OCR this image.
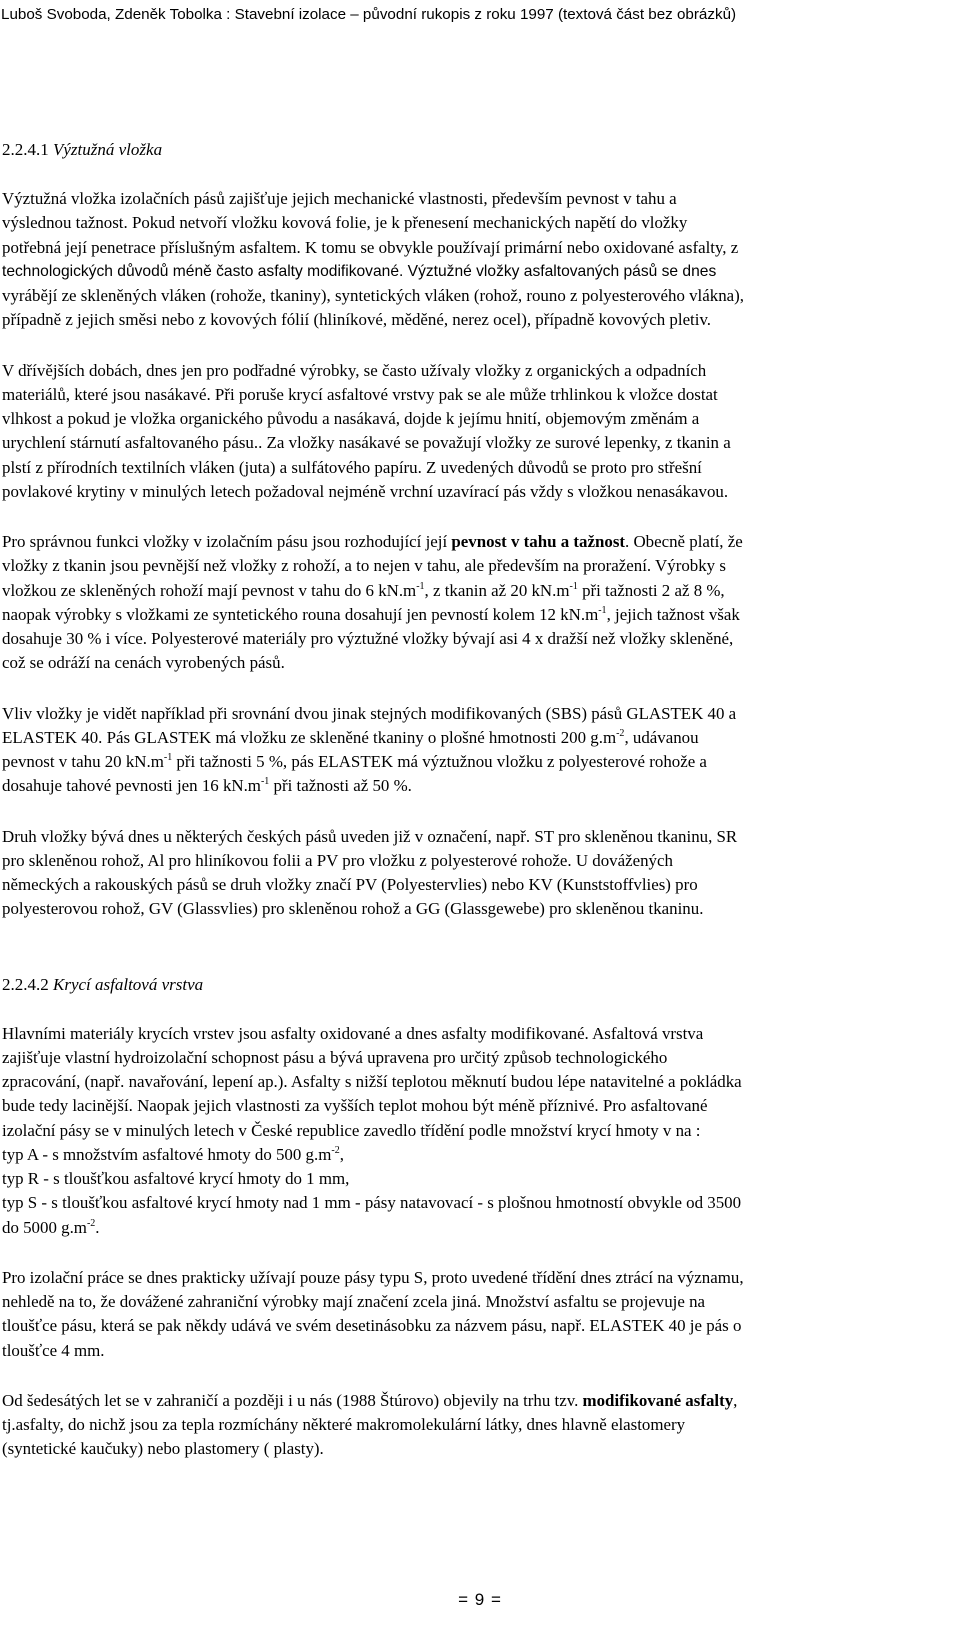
Luboš Svoboda, Zdeněk Tobolka : Stavební izolace – původní rukopis z roku 1997 (textová část bez obrázků)
2.2.4.1 Výztužná vložka

Výztužná vložka izolačních pásů zajišťuje jejich mechanické vlastnosti, především pevnost v tahu a
výslednou tažnost. Pokud netvoří vložku kovová folie, je k přenesení mechanických napětí do vložky
potřebná její penetrace příslušným asfaltem. K tomu se obvykle používají primární nebo oxidované asfalty, z
technologických důvodů méně často asfalty modifikované. Výztužné vložky asfaltovaných pásů se dnes
vyrábějí ze skleněných vláken (rohože, tkaniny), syntetických vláken (rohož, rouno z polyesterového vlákna),
případně z jejich směsi nebo z kovových fólií (hliníkové, měděné, nerez ocel), případně kovových pletiv.

V dřívějších dobách, dnes jen pro podřadné výrobky, se často užívaly vložky z organických a odpadních
materiálů, které jsou nasákavé. Při poruše krycí asfaltové vrstvy pak se ale může trhlinkou k vložce dostat
vlhkost a pokud je vložka organického původu a nasákavá, dojde k jejímu hnití, objemovým změnám a
urychlení stárnutí asfaltovaného pásu.. Za vložky nasákavé se považují vložky ze surové lepenky, z tkanin a
plstí z přírodních textilních vláken (juta) a sulfátového papíru. Z uvedených důvodů se proto pro střešní
povlakové krytiny v minulých letech požadoval nejméně vrchní uzavírací pás vždy s vložkou nenasákavou.

Pro správnou funkci vložky v izolačním pásu jsou rozhodující její pevnost v tahu a tažnost. Obecně platí, že
vložky z tkanin jsou pevnější než vložky z rohoží, a to nejen v tahu, ale především na proražení. Výrobky s
vložkou ze skleněných rohoží mají pevnost v tahu do 6 $kN.m^{-1}$, z tkanin až 20 $kN.m^{-1}$ při tažnosti 2 až 8 %,
naopak výrobky s vložkami ze syntetického rouna dosahují jen pevností kolem 12 $kN.m^{-1}$, jejich tažnost však
dosahuje 30 % i více. Polyesterové materiály pro výztužné vložky bývají asi 4 x dražší než vložky skleněné,
což se odráží na cenách vyrobených pásů.

Vliv vložky je vidět například při srovnání dvou jinak stejných modifikovaných (SBS) pásů GLASTEK 40 a
ELASTEK 40. Pás GLASTEK má vložku ze skleněné tkaniny o plošné hmotnosti 200 $g.m^{-2}$, udávanou
pevnost v tahu 20 $kN.m^{-1}$ při tažnosti 5 %, pás ELASTEK má výztužnou vložku z polyesterové rohože a
dosahuje tahové pevnosti jen 16 $kN.m^{-1}$ při tažnosti až 50 %.

Druh vložky bývá dnes u některých českých pásů uveden již v označení, např. ST pro skleněnou tkaninu, SR
pro skleněnou rohož, Al pro hliníkovou folii a PV pro vložku z polyesterové rohože. U dovážených
německých a rakouských pásů se druh vložky značí PV (Polyestervlies) nebo KV (Kunststoffvlies) pro
polyesterovou rohož, GV (Glassvlies) pro skleněnou rohož a GG (Glassgewebe) pro skleněnou tkaninu.

2.2.4.2 Krycí asfaltová vrstva

Hlavními materiály krycích vrstev jsou asfalty oxidované a dnes asfalty modifikované. Asfaltová vrstva
zajišťuje vlastní hydroizolační schopnost pásu a bývá upravena pro určitý způsob technologického
zpracování, (např. navařování, lepení ap.). Asfalty s nižší teplotou měknutí budou lépe natavitelné a pokládka
bude tedy lacinější. Naopak jejich vlastnosti za vyšších teplot mohou být méně příznivé. Pro asfaltované
izolační pásy se v minulých letech v České republice zavedlo třídění podle množství krycí hmoty v na :
typ A - s množstvím asfaltové hmoty do 500 $g.m^{-2}$,
typ R - s tloušťkou asfaltové krycí hmoty do 1 mm,
typ S - s tloušťkou asfaltové krycí hmoty nad 1 mm - pásy natavovací - s plošnou hmotností obvykle od 3500
do 5000 $g.m^{-2}$.

Pro izolační práce se dnes prakticky užívají pouze pásy typu S, proto uvedené třídění dnes ztrácí na významu,
nehledě na to, že dovážené zahraniční výrobky mají značení zcela jiná. Množství asfaltu se projevuje na
tloušťce pásu, která se pak někdy udává ve svém desetinásobku za názvem pásu, např. ELASTEK 40 je pás o
tloušťce 4 mm.

Od šedesátých let se v zahraničí a později i u nás (1988 Štúrovo) objevily na trhu tzv. modifikované asfalty,
tj.asfalty, do nichž jsou za tepla rozmíchány některé makromolekulární látky, dnes hlavně elastomery
(syntetické kaučuky) nebo plastomery ( plasty).

= 9 =
